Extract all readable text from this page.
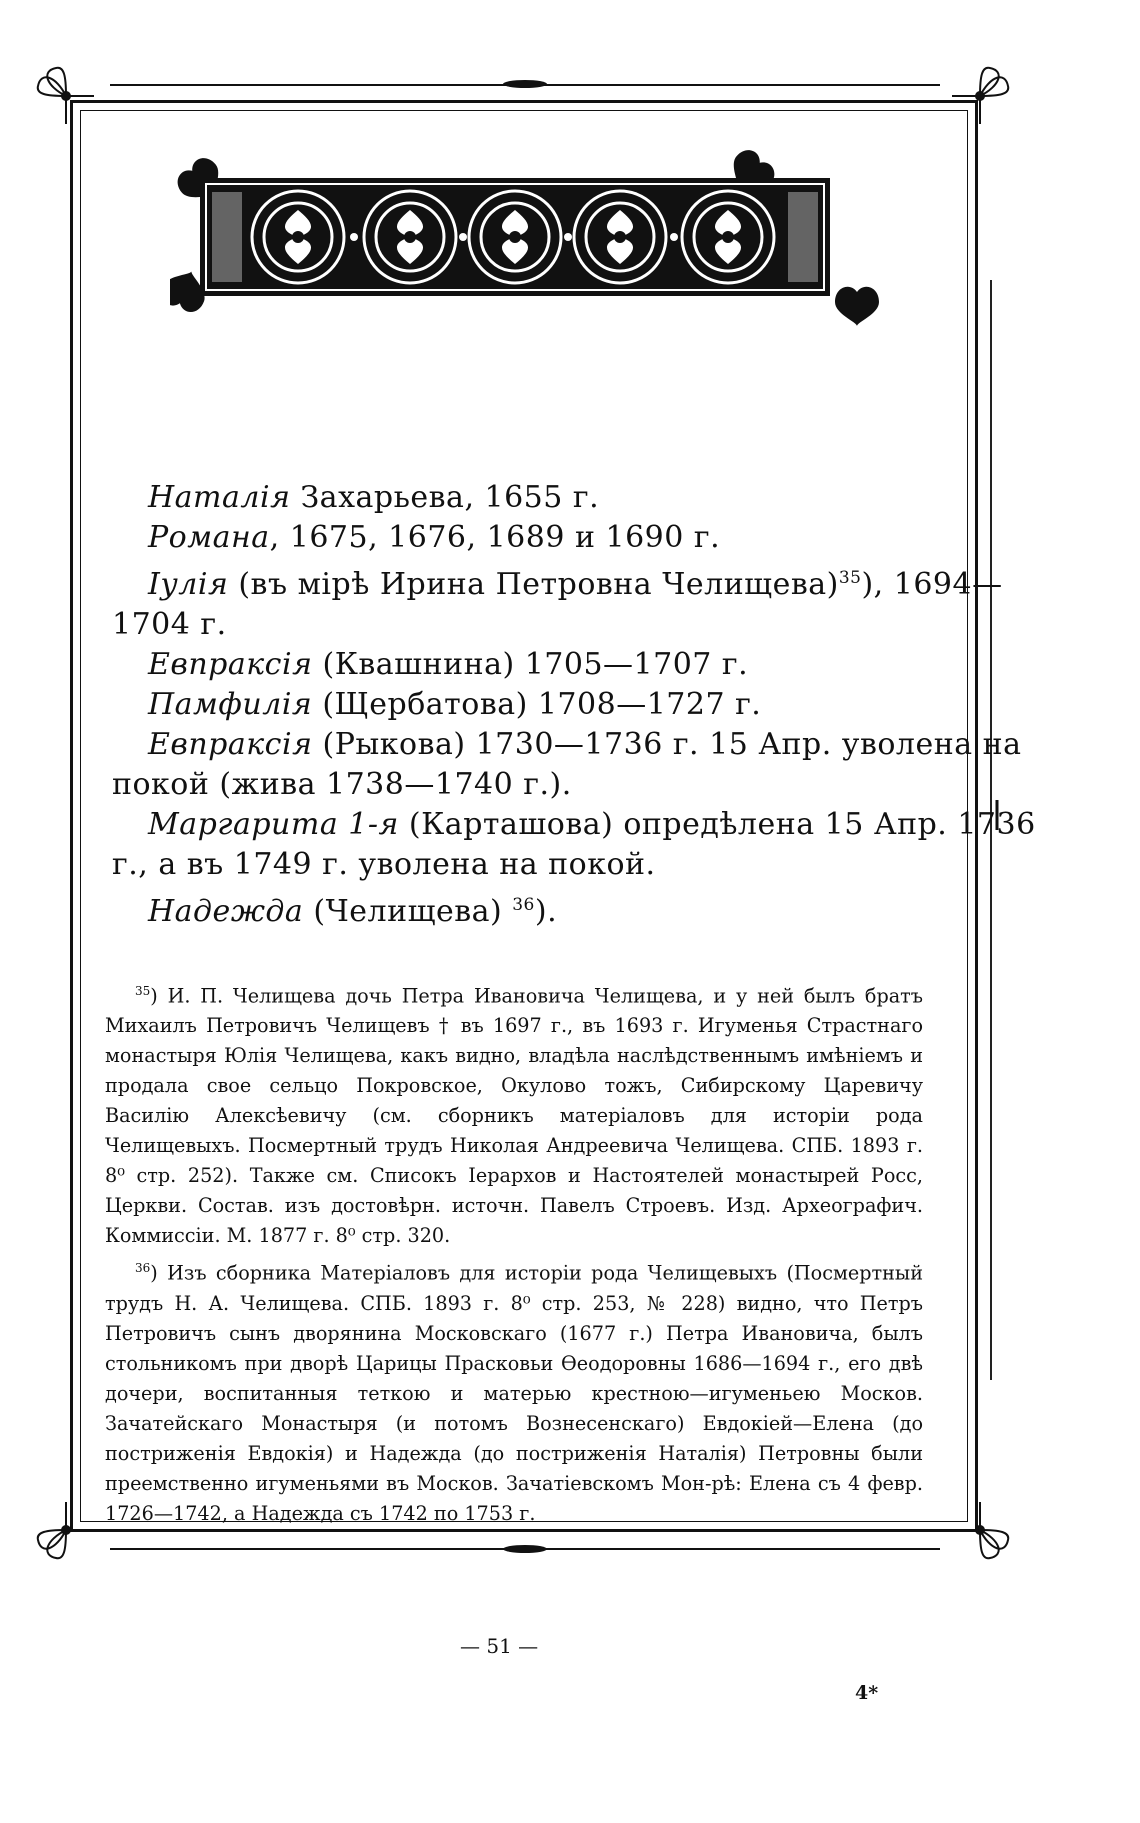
Наталія Захарьева, 1655 г.

Романа, 1675, 1676, 1689 и 1690 г.

Іулія (въ мірѣ Ирина Петровна Челищева)$^{35}$), 1694—

1704 г.

Евпраксія (Квашнина) 1705—1707 г.

Памфилія (Щербатова) 1708—1727 г.

Евпраксія (Рыкова) 1730—1736 г. 15 Апр. уволена на

покой (жива 1738—1740 г.).

Маргарита 1-я (Карташова) опредѣлена 15 Апр. 1736

г., а въ 1749 г. уволена на покой.

Надежда (Челищева) $^{36}$).

$^{35}$) И. П. Челищева дочь Петра Ивановича Челищева, и у ней былъ братъ Михаилъ Петровичъ Челищевъ † въ 1697 г., въ 1693 г. Игуменья Страстнаго монастыря Юлія Челищева, какъ видно, владѣла наслѣдственнымъ имѣніемъ и продала свое сельцо Покровское, Окулово тожъ, Сибирскому Царевичу Василію Алексѣевичу (см. сборникъ матеріаловъ для исторіи рода Челищевыхъ. Посмертный трудъ Николая Андреевича Челищева. СПБ. 1893 г. 8⁰ стр. 252). Также см. Списокъ Іерархов и Настоятелей монастырей Росс, Церкви. Состав. изъ достовѣрн. источн. Павелъ Строевъ. Изд. Археографич. Коммиссіи. М. 1877 г. 8⁰ стр. 320.

$^{36}$) Изъ сборника Матеріаловъ для исторіи рода Челищевыхъ (Посмертный трудъ Н. А. Челищева. СПБ. 1893 г. 8⁰ стр. 253, № 228) видно, что Петръ Петровичъ сынъ дворянина Московскаго (1677 г.) Петра Ивановича, былъ стольникомъ при дворѣ Царицы Прасковьи Ѳеодоровны 1686—1694 г., его двѣ дочери, воспитанныя теткою и матерью крестною—игуменьею Москов. Зачатейскаго Монастыря (и потомъ Вознесенскаго) Евдокіей—Елена (до постриженія Евдокія) и Надежда (до постриженія Наталія) Петровны были преемственно игуменьями въ Москов. Зачатіевскомъ Мон-рѣ: Елена съ 4 февр. 1726—1742, а Надежда съ 1742 по 1753 г.

— 51 —
4*
